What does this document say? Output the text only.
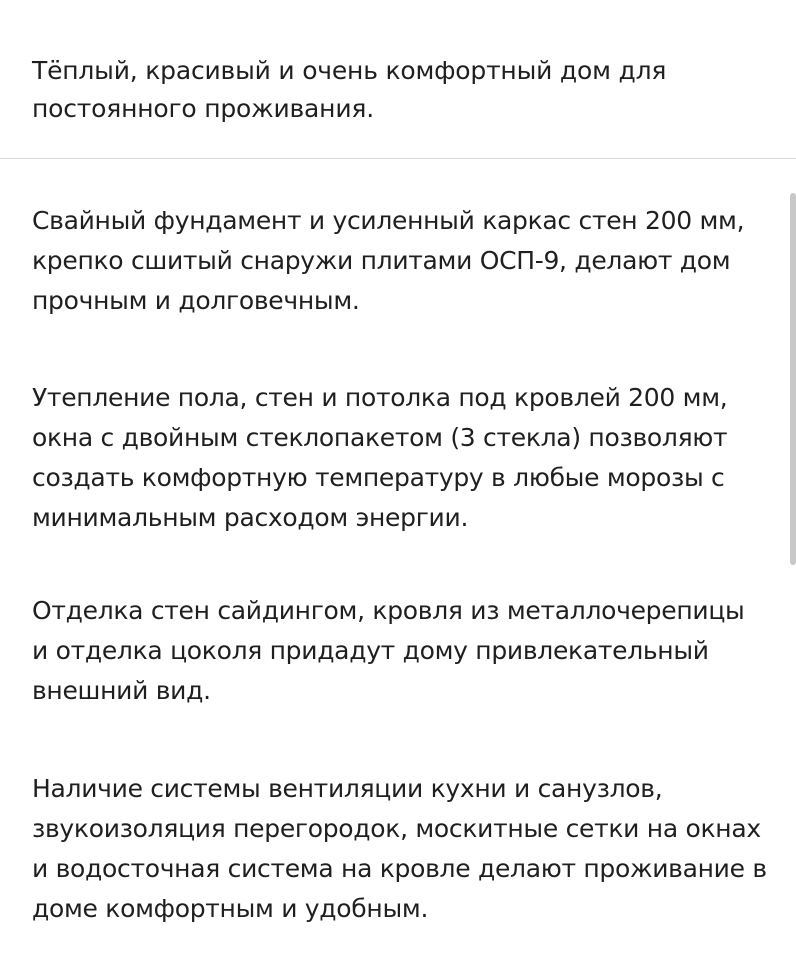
Тёплый, красивый и очень комфортный дом для постоянного проживания.

Свайный фундамент и усиленный каркас стен 200 мм, крепко сшитый снаружи плитами ОСП-9, делают дом прочным и долговечным.

Утепление пола, стен и потолка под кровлей 200 мм, окна с двойным стеклопакетом (3 стекла) позволяют создать комфортную температуру в любые морозы с минимальным расходом энергии.

Отделка стен сайдингом, кровля из металлочерепицы и отделка цоколя придадут дому привлекательный внешний вид.

Наличие системы вентиляции кухни и санузлов, звукоизоляция перегородок, москитные сетки на окнах и водосточная система на кровле делают проживание в доме комфортным и удобным.
